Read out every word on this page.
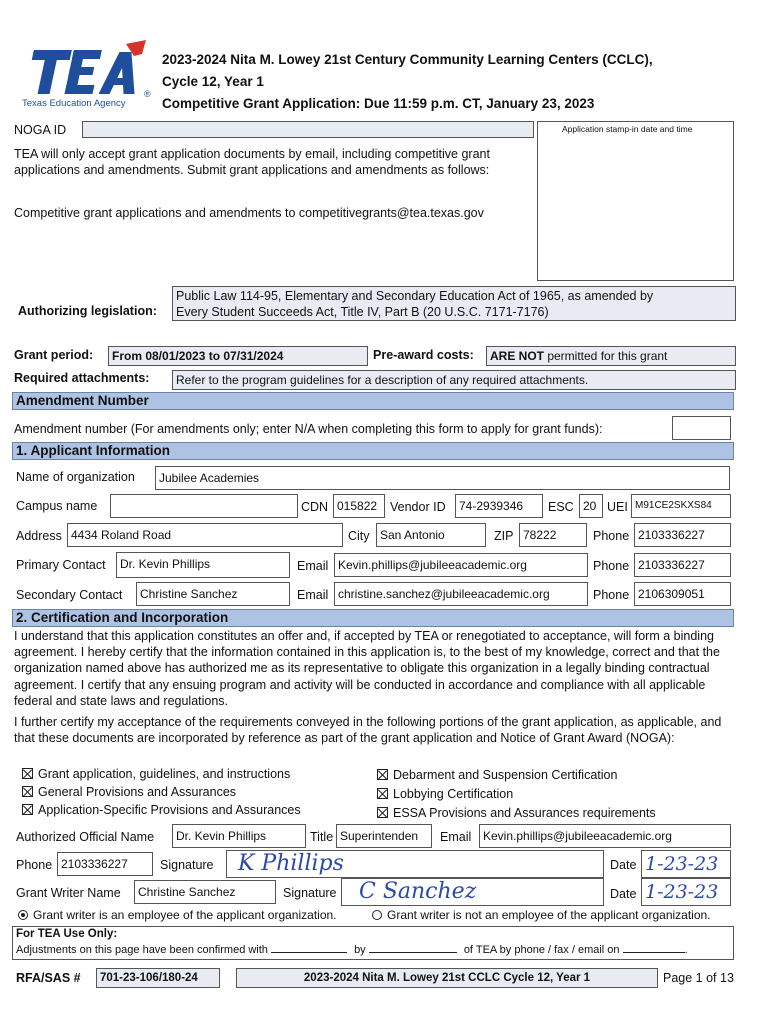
Texas Education Agency
®
2023-2024 Nita M. Lowey 21st Century Community Learning Centers (CCLC),
Cycle 12, Year 1
Competitive Grant Application: Due 11:59 p.m. CT, January 23, 2023
NOGA ID	Application stamp-in date and time
TEA will only accept grant application documents by email, including competitive grant applications and amendments. Submit grant applications and amendments as follows:
Competitive grant applications and amendments to competitivegrants@tea.texas.gov
Authorizing legislation:
Public Law 114-95, Elementary and Secondary Education Act of 1965, as amended by
Every Student Succeeds Act, Title IV, Part B (20 U.S.C. 7171-7176)
Grant period:	From 08/01/2023 to 07/31/2024	Pre-award costs:	ARE NOT permitted for this grant
Required attachments:	Refer to the program guidelines for a description of any required attachments.
Amendment Number
Amendment number (For amendments only; enter N/A when completing this form to apply for grant funds):
1. Applicant Information
Name of organization	Jubilee Academies
Campus name	CDN 015822	Vendor ID	74-2939346	ESC 20 UEI M91CE2SKXS84
Address 4434 Roland Road	City San Antonio	ZIP 78222	Phone 2103336227
Primary Contact	Dr. Kevin Phillips	Email Kevin.phillips@jubileeacademic.org	Phone 2103336227
Secondary Contact	Christine Sanchez	Email christine.sanchez@jubileeacademic.org	Phone 2106309051
2. Certification and Incorporation
I understand that this application constitutes an offer and, if accepted by TEA or renegotiated to acceptance, will form a binding agreement. I hereby certify that the information contained in this application is, to the best of my knowledge, correct and that the organization named above has authorized me as its representative to obligate this organization in a legally binding contractual agreement. I certify that any ensuing program and activity will be conducted in accordance and compliance with all applicable federal and state laws and regulations.
I further certify my acceptance of the requirements conveyed in the following portions of the grant application, as applicable, and that these documents are incorporated by reference as part of the grant application and Notice of Grant Award (NOGA):
Grant application, guidelines, and instructions
General Provisions and Assurances
Application-Specific Provisions and Assurances
Debarment and Suspension Certification
Lobbying Certification
ESSA Provisions and Assurances requirements
Authorized Official Name	Dr. Kevin Phillips	Title Superintenden	Email Kevin.phillips@jubileeacademic.org
Phone 2103336227	Signature	K Phillips	Date 1-23-23
Grant Writer Name	Christine Sanchez	Signature	C Sanchez	Date 1-23-23
Grant writer is an employee of the applicant organization.	Grant writer is not an employee of the applicant organization.
For TEA Use Only:
Adjustments on this page have been confirmed with	by	of TEA by phone / fax / email on	.
RFA/SAS #	701-23-106/180-24	2023-2024 Nita M. Lowey 21st CCLC Cycle 12, Year 1	Page 1 of 13
